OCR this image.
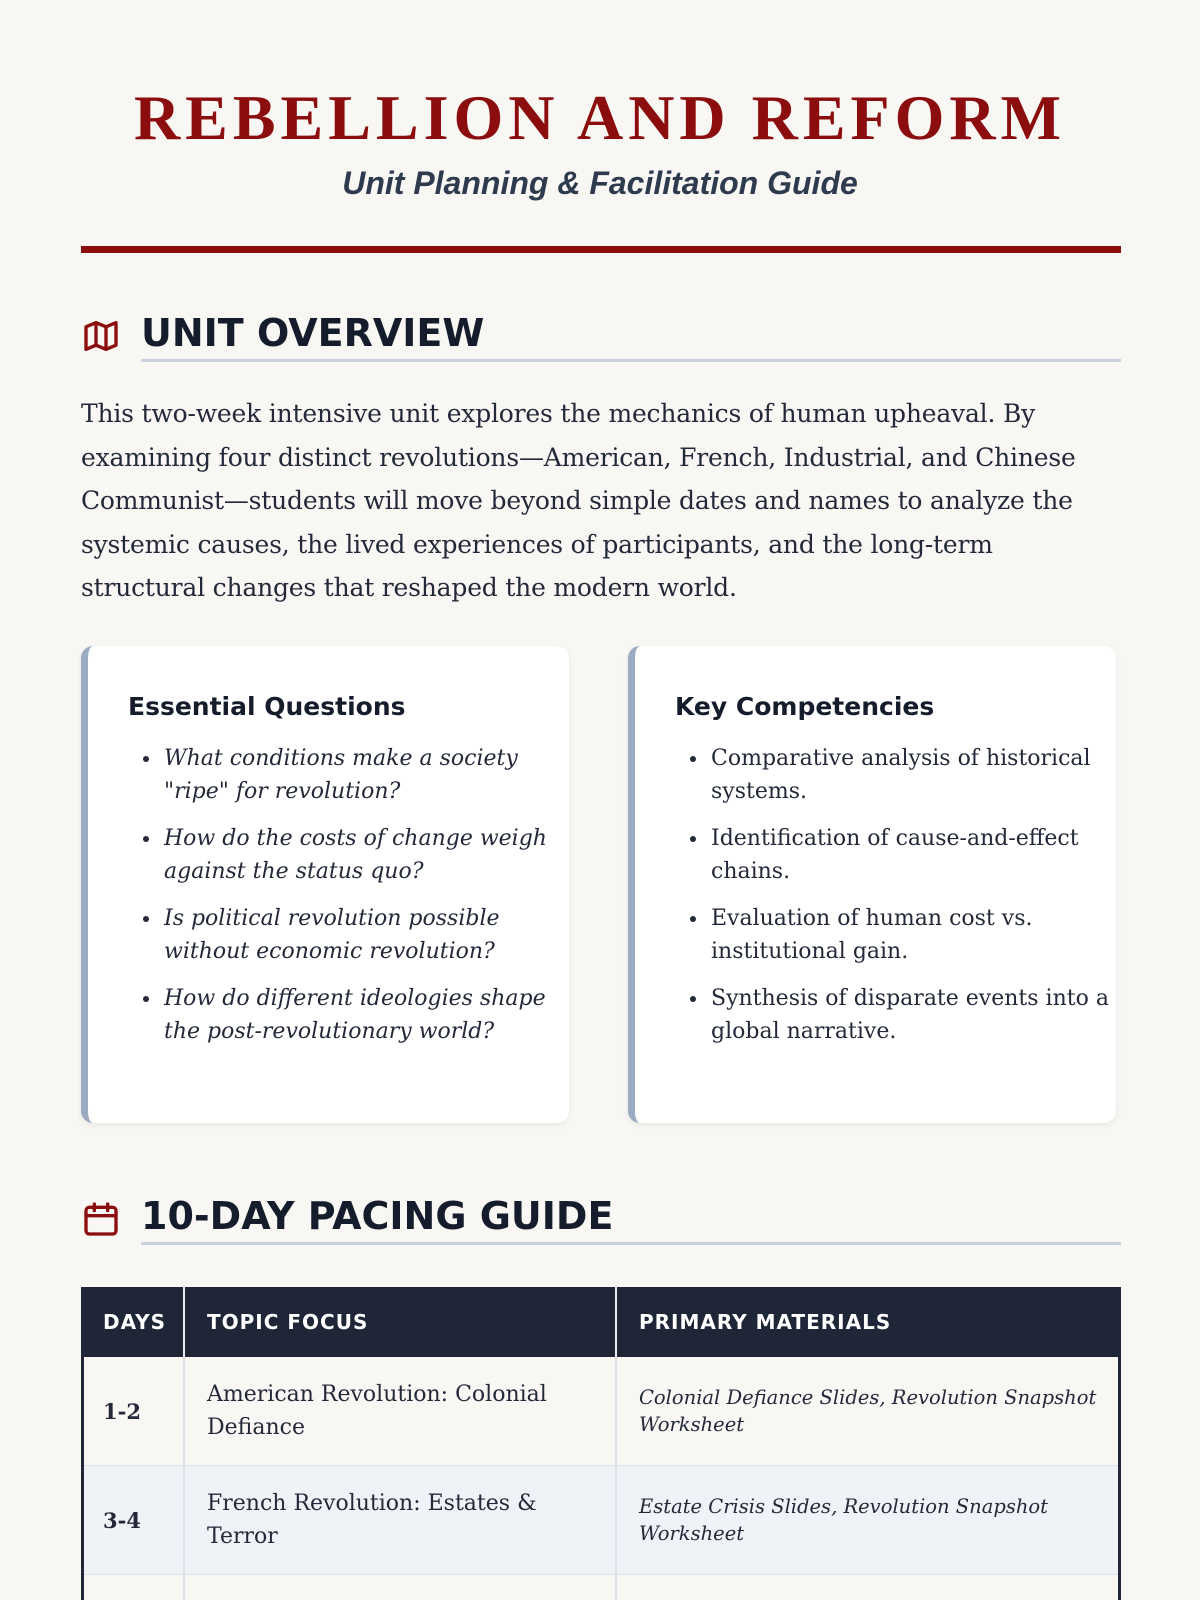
REBELLION AND REFORM
Unit Planning & Facilitation Guide
UNIT OVERVIEW

This two-week intensive unit explores the mechanics of human upheaval. By examining four distinct revolutions—American, French, Industrial, and Chinese Communist—students will move beyond simple dates and names to analyze the systemic causes, the lived experiences of participants, and the long-term structural changes that reshaped the modern world.

Essential Questions
• What conditions make a society "ripe" for revolution?
• How do the costs of change weigh against the status quo?
• Is political revolution possible without economic revolution?
• How do different ideologies shape the post-revolutionary world?
Key Competencies
• Comparative analysis of historical systems.
• Identification of cause-and-effect chains.
• Evaluation of human cost vs. institutional gain.
• Synthesis of disparate events into a global narrative.
10-DAY PACING GUIDE
DAYS	TOPIC FOCUS	PRIMARY MATERIALS
1-2	American Revolution: Colonial Defiance	Colonial Defiance Slides, Revolution Snapshot Worksheet
3-4	French Revolution: Estates & Terror	Estate Crisis Slides, Revolution Snapshot Worksheet
